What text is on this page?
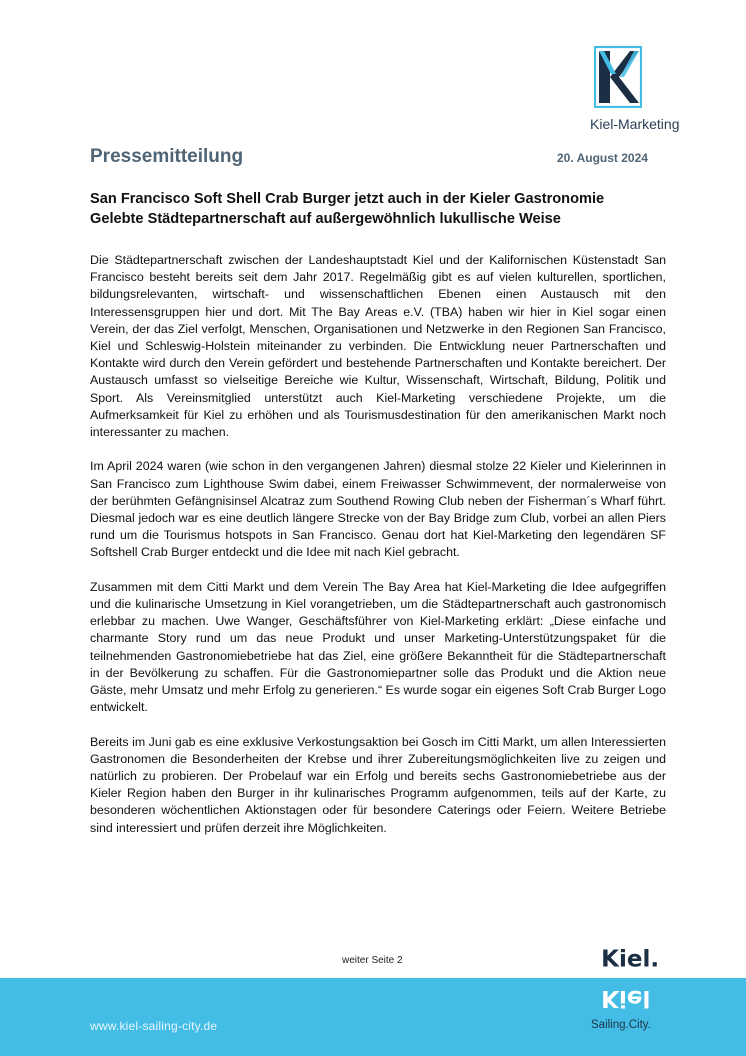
Kiel-Marketing
Pressemitteilung	20. August 2024
San Francisco Soft Shell Crab Burger jetzt auch in der Kieler Gastronomie
Gelebte Städtepartnerschaft auf außergewöhnlich lukullische Weise

Die Städtepartnerschaft zwischen der Landeshauptstadt Kiel und der Kalifornischen Küstenstadt San Francisco besteht bereits seit dem Jahr 2017. Regelmäßig gibt es auf vielen kulturellen, sportlichen, bildungsrelevanten, wirtschaft- und wissenschaftlichen Ebenen einen Austausch mit den Interessensgruppen hier und dort. Mit The Bay Areas e.V. (TBA) haben wir hier in Kiel sogar einen Verein, der das Ziel verfolgt, Menschen, Organisationen und Netzwerke in den Regionen San Francisco, Kiel und Schleswig-Holstein miteinander zu verbinden. Die Entwicklung neuer Partnerschaften und Kontakte wird durch den Verein gefördert und bestehende Partnerschaften und Kontakte bereichert. Der Austausch umfasst so vielseitige Bereiche wie Kultur, Wissenschaft, Wirtschaft, Bildung, Politik und Sport. Als Vereinsmitglied unterstützt auch Kiel-Marketing verschiedene Projekte, um die Aufmerksamkeit für Kiel zu erhöhen und als Tourismusdestination für den amerikanischen Markt noch interessanter zu machen.

Im April 2024 waren (wie schon in den vergangenen Jahren) diesmal stolze 22 Kieler und Kielerinnen in San Francisco zum Lighthouse Swim dabei, einem Freiwasser Schwimmevent, der normalerweise von der berühmten Gefängnisinsel Alcatraz zum Southend Rowing Club neben der Fisherman´s Wharf führt. Diesmal jedoch war es eine deutlich längere Strecke von der Bay Bridge zum Club, vorbei an allen Piers rund um die Tourismus hotspots in San Francisco. Genau dort hat Kiel-Marketing den legendären SF Softshell Crab Burger entdeckt und die Idee mit nach Kiel gebracht.

Zusammen mit dem Citti Markt und dem Verein The Bay Area hat Kiel-Marketing die Idee aufgegriffen und die kulinarische Umsetzung in Kiel vorangetrieben, um die Städtepartnerschaft auch gastronomisch erlebbar zu machen. Uwe Wanger, Geschäftsführer von Kiel-Marketing erklärt: „Diese einfache und charmante Story rund um das neue Produkt und unser Marketing-Unterstützungspaket für die teilnehmenden Gastronomiebetriebe hat das Ziel, eine größere Bekanntheit für die Städtepartnerschaft in der Bevölkerung zu schaffen. Für die Gastronomiepartner solle das Produkt und die Aktion neue Gäste, mehr Umsatz und mehr Erfolg zu generieren.“ Es wurde sogar ein eigenes Soft Crab Burger Logo entwickelt.

Bereits im Juni gab es eine exklusive Verkostungsaktion bei Gosch im Citti Markt, um allen Interessierten Gastronomen die Besonderheiten der Krebse und ihrer Zubereitungsmöglichkeiten live zu zeigen und natürlich zu probieren. Der Probelauf war ein Erfolg und bereits sechs Gastronomiebetriebe aus der Kieler Region haben den Burger in ihr kulinarisches Programm aufgenommen, teils auf der Karte, zu besonderen wöchentlichen Aktionstagen oder für besondere Caterings oder Feiern. Weitere Betriebe sind interessiert und prüfen derzeit ihre Möglichkeiten.

weiter Seite 2
www.kiel-sailing-city.de
Kiel.
Kiel
Sailing.City.
